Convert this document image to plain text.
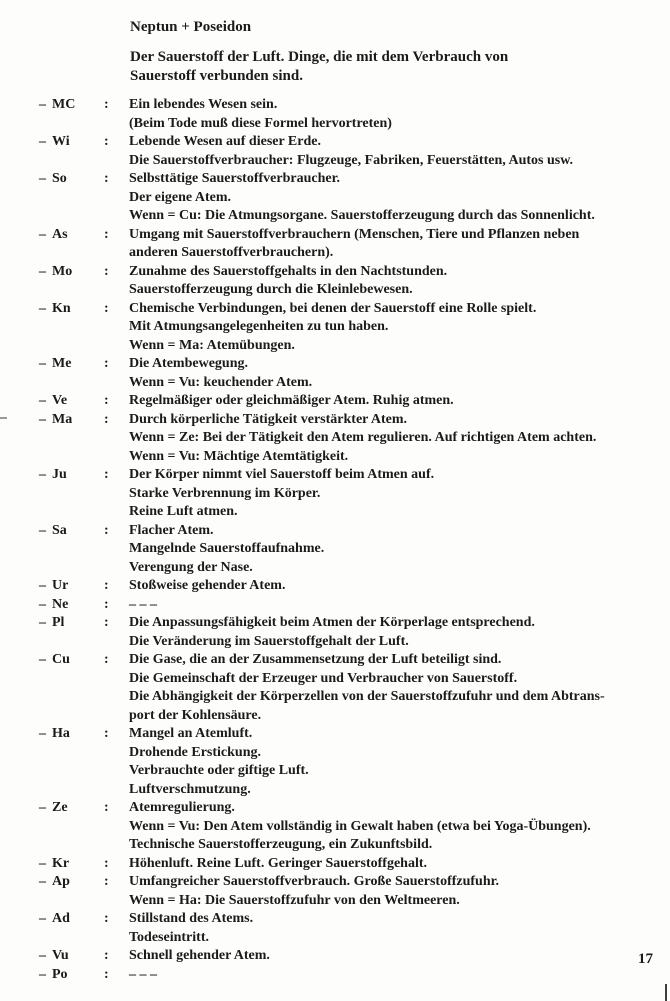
Neptun + Poseidon

Der Sauerstoff der Luft. Dinge, die mit dem Verbrauch von Sauerstoff verbunden sind.

– MC	:	Ein lebendes Wesen sein.
(Beim Tode muß diese Formel hervortreten)
– Wi	:	Lebende Wesen auf dieser Erde.
Die Sauerstoffverbraucher: Flugzeuge, Fabriken, Feuerstätten, Autos usw.
– So	:	Selbsttätige Sauerstoffverbraucher.
Der eigene Atem.
Wenn = Cu: Die Atmungsorgane. Sauerstofferzeugung durch das Sonnenlicht.
– As	:	Umgang mit Sauerstoffverbrauchern (Menschen, Tiere und Pflanzen neben
anderen Sauerstoffverbrauchern).
– Mo	:	Zunahme des Sauerstoffgehalts in den Nachtstunden.
Sauerstofferzeugung durch die Kleinlebewesen.
– Kn	:	Chemische Verbindungen, bei denen der Sauerstoff eine Rolle spielt.
Mit Atmungsangelegenheiten zu tun haben.
Wenn = Ma: Atemübungen.
– Me	:	Die Atembewegung.
Wenn = Vu: keuchender Atem.
– Ve	:	Regelmäßiger oder gleichmäßiger Atem. Ruhig atmen.
– Ma	:	Durch körperliche Tätigkeit verstärkter Atem.
Wenn = Ze: Bei der Tätigkeit den Atem regulieren. Auf richtigen Atem achten.
Wenn = Vu: Mächtige Atemtätigkeit.
– Ju	:	Der Körper nimmt viel Sauerstoff beim Atmen auf.
Starke Verbrennung im Körper.
Reine Luft atmen.
– Sa	:	Flacher Atem.
Mangelnde Sauerstoffaufnahme.
Verengung der Nase.
– Ur	:	Stoßweise gehender Atem.
– Ne	:	– – –
– Pl	:	Die Anpassungsfähigkeit beim Atmen der Körperlage entsprechend.
Die Veränderung im Sauerstoffgehalt der Luft.
– Cu	:	Die Gase, die an der Zusammensetzung der Luft beteiligt sind.
Die Gemeinschaft der Erzeuger und Verbraucher von Sauerstoff.
Die Abhängigkeit der Körperzellen von der Sauerstoffzufuhr und dem Abtrans-
port der Kohlensäure.
– Ha	:	Mangel an Atemluft.
Drohende Erstickung.
Verbrauchte oder giftige Luft.
Luftverschmutzung.
– Ze	:	Atemregulierung.
Wenn = Vu: Den Atem vollständig in Gewalt haben (etwa bei Yoga-Übungen).
Technische Sauerstofferzeugung, ein Zukunftsbild.
– Kr	:	Höhenluft. Reine Luft. Geringer Sauerstoffgehalt.
– Ap	:	Umfangreicher Sauerstoffverbrauch. Große Sauerstoffzufuhr.
Wenn = Ha: Die Sauerstoffzufuhr von den Weltmeeren.
– Ad	:	Stillstand des Atems.
Todeseintritt.
– Vu	:	Schnell gehender Atem.
– Po	:	– – –
17
